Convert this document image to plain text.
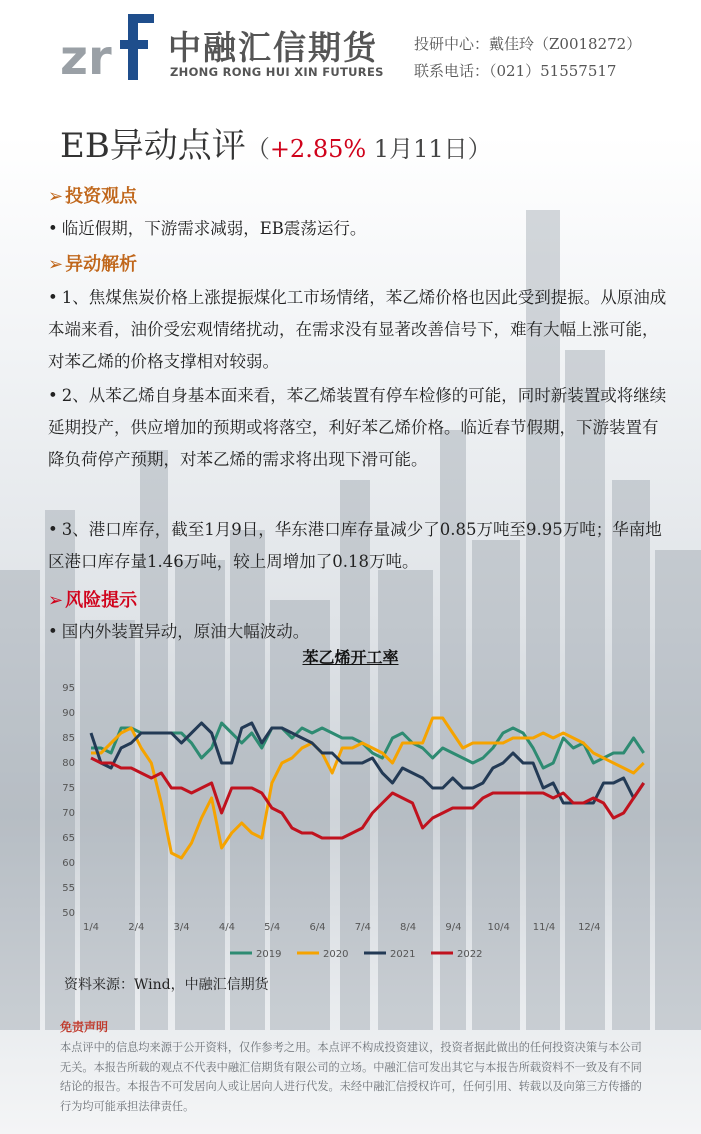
zr 中融汇信期货
ZHONG RONG HUI XIN FUTURES
投研中心：戴佳玲（Z0018272）
联系电话：（021）51557517
EB异动点评（+2.85% 1月11日）
➢ 投资观点
• 临近假期，下游需求减弱，EB震荡运行。
➢ 异动解析
• 1、焦煤焦炭价格上涨提振煤化工市场情绪，苯乙烯价格也因此受到提振。从原油成本端来看，油价受宏观情绪扰动，在需求没有显著改善信号下，难有大幅上涨可能，对苯乙烯的价格支撑相对较弱。
• 2、从苯乙烯自身基本面来看，苯乙烯装置有停车检修的可能，同时新装置或将继续延期投产，供应增加的预期或将落空，利好苯乙烯价格。临近春节假期，下游装置有降负荷停产预期，对苯乙烯的需求将出现下滑可能。
• 3、港口库存，截至1月9日，华东港口库存量减少了0.85万吨至9.95万吨；华南地区港口库存量1.46万吨，较上周增加了0.18万吨。
➢ 风险提示
• 国内外装置异动，原油大幅波动。
苯乙烯开工率
50
55
60
65
70
75
80
85
90
95
1/4	2/4	3/4	4/4	5/4	6/4	7/4	8/4	9/4	10/4 11/4 12/4
2019	2020	2021	2022
资料来源：Wind，中融汇信期货
免责声明
本点评中的信息均来源于公开资料，仅作参考之用。本点评不构成投资建议，投资者据此做出的任何投资决策与本公司无关。本报告所载的观点不代表中融汇信期货有限公司的立场。中融汇信可发出其它与本报告所载资料不一致及有不同结论的报告。本报告不可发居向人或让居向人进行代发。未经中融汇信授权许可，任何引用、转载以及向第三方传播的行为均可能承担法律责任。
